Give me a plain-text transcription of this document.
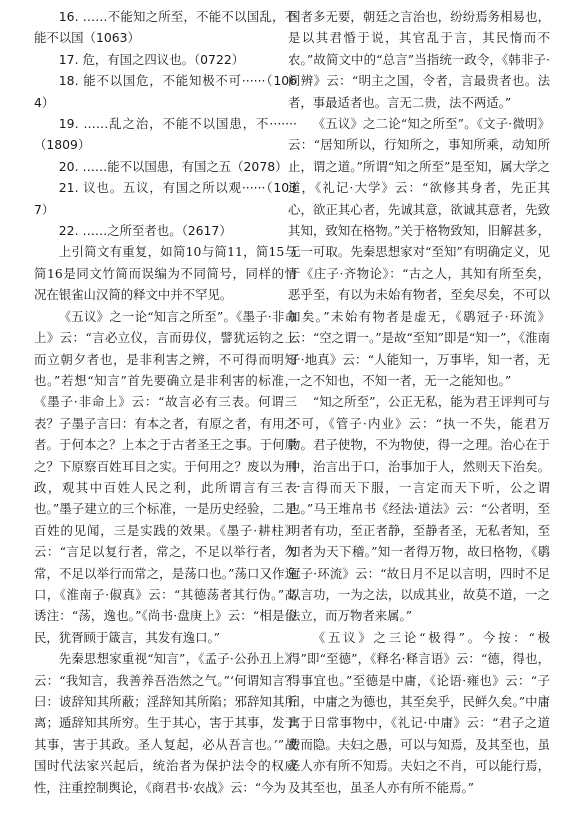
16. ……不能知之所至，不能不以国乱，不能不以国（1063）

17. 危，有国之四议也。（0722）

18. 能不以国危，不能知极不可······（1064）

19. ……乱之治，不能不以国患，不·······（1809）

20. ……能不以国患，有国之五（2078）

21. 议也。五议，有国之所以观······（1037）

22. ……之所至者也。（2617）

上引简文有重复，如简10与简11，简15与简16是同文竹简而误编为不同简号，同样的情况在银雀山汉简的释文中并不罕见。

《五议》之一论“知言之所至”。《墨子·非命上》云：“言必立仪，言而毋仪，譬犹运钧之上而立朝夕者也，是非利害之辨，不可得而明知也。”若想“知言”首先要确立是非利害的标准，《墨子·非命上》云：“故言必有三表。何谓三表？子墨子言曰：有本之者，有原之者，有用之者。于何本之？上本之于古者圣王之事。于何原之？下原察百姓耳目之实。于何用之？废以为刑政，观其中百姓人民之利，此所谓言有三表也。”墨子建立的三个标准，一是历史经验，二是百姓的见闻，三是实践的效果。《墨子·耕柱》云：“言足以复行者，常之，不足以举行者，勿常，不足以举行而常之，是荡口也。”荡口又作逸口，《淮南子·俶真》云：“其德荡者其行伪。”高诱注：“荡，逸也。”《尚书·盘庚上》云：“相是俭民，犹胥顾于箴言，其发有逸口。”

先秦思想家重视“知言”，《孟子·公孙丑上》云：“我知言，我善养吾浩然之气。”‘何谓知言？曰：诐辞知其所蔽；淫辞知其所陷；邪辞知其所离；遁辞知其所穷。生于其心，害于其事，发于其事，害于其政。圣人复起，必从吾言也。’”战国时代法家兴起后，统治者为保护法令的权威性，注重控制舆论，《商君书·农战》云：“今为

国者多无要，朝廷之言治也，纷纷焉务相易也，是以其君惛于说，其官乱于言，其民惰而不农。”故简文中的“总言”当指统一政令，《韩非子·问辨》云：“明主之国，令者，言最贵者也。法者，事最适者也。言无二贵，法不两适。”

《五议》之二论“知之所至”。《文子·微明》云：“居知所以，行知所之，事知所乘，动知所止，谓之道。”所谓“知之所至”是至知，属大学之道，《礼记·大学》云：“欲修其身者，先正其心，欲正其心者，先诚其意，欲诚其意者，先致其知，致知在格物。”关于格物致知，旧解甚多，无一可取。先秦思想家对“至知”有明确定义，见于《庄子·齐物论》：“古之人，其知有所至矣，恶乎至，有以为未始有物者，至矣尽矣，不可以加矣。”未始有物者是虚无，《鹖冠子·环流》云：“空之谓一。”是故“至知”即是“知一”，《淮南子·地真》云：“人能知一，万事毕，知一者，无一之不知也，不知一者，无一之能知也。”

“知之所至”，公正无私，能为君王评判可与不可，《管子·内业》云：“执一不失，能君万物。君子使物，不为物使，得一之理。治心在于中，治言出于口，治事加于人，然则天下治矣。一言得而天下服，一言定而天下听，公之谓也。”马王堆帛书《经法·道法》云：“公者明，至明者有功，至正者静，至静者圣，无私者知，至知者为天下稽。”知一者得万物，故曰格物，《鹖冠子·环流》云：“故日月不足以言明，四时不足以言功，一为之法，以成其业，故莫不道，一之法立，而万物者来属。”

《五议》之三论“极得”。今按：“极得”即“至德”，《释名·释言语》云：“德，得也，得事宜也。”至德是中庸，《论语·雍也》云：“子曰，中庸之为德也，其至矣乎，民鲜久矣。”中庸寓于日常事物中，《礼记·中庸》云：“君子之道费而隐。夫妇之愚，可以与知焉，及其至也，虽圣人亦有所不知焉。夫妇之不肖，可以能行焉，及其至也，虽圣人亦有所不能焉。”
